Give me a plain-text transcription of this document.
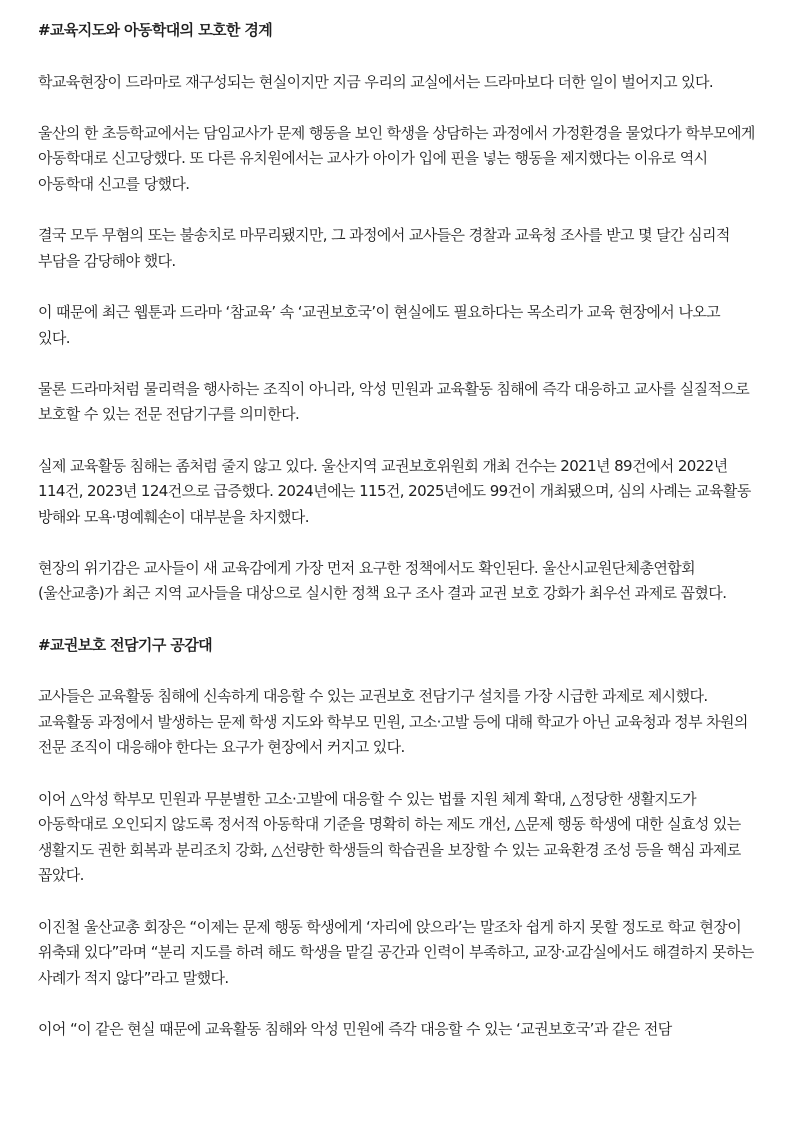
#교육지도와 아동학대의 모호한 경계

학교육현장이 드라마로 재구성되는 현실이지만 지금 우리의 교실에서는 드라마보다 더한 일이 벌어지고 있다.

울산의 한 초등학교에서는 담임교사가 문제 행동을 보인 학생을 상담하는 과정에서 가정환경을 물었다가 학부모에게 아동학대로 신고당했다. 또 다른 유치원에서는 교사가 아이가 입에 핀을 넣는 행동을 제지했다는 이유로 역시 아동학대 신고를 당했다.

결국 모두 무혐의 또는 불송치로 마무리됐지만, 그 과정에서 교사들은 경찰과 교육청 조사를 받고 몇 달간 심리적 부담을 감당해야 했다.

이 때문에 최근 웹툰과 드라마 ‘참교육’ 속 ‘교권보호국’이 현실에도 필요하다는 목소리가 교육 현장에서 나오고 있다.

물론 드라마처럼 물리력을 행사하는 조직이 아니라, 악성 민원과 교육활동 침해에 즉각 대응하고 교사를 실질적으로 보호할 수 있는 전문 전담기구를 의미한다.

실제 교육활동 침해는 좀처럼 줄지 않고 있다. 울산지역 교권보호위원회 개최 건수는 2021년 89건에서 2022년 114건, 2023년 124건으로 급증했다. 2024년에는 115건, 2025년에도 99건이 개최됐으며, 심의 사례는 교육활동 방해와 모욕·명예훼손이 대부분을 차지했다.

현장의 위기감은 교사들이 새 교육감에게 가장 먼저 요구한 정책에서도 확인된다. 울산시교원단체총연합회(울산교총)가 최근 지역 교사들을 대상으로 실시한 정책 요구 조사 결과 교권 보호 강화가 최우선 과제로 꼽혔다.

#교권보호 전담기구 공감대

교사들은 교육활동 침해에 신속하게 대응할 수 있는 교권보호 전담기구 설치를 가장 시급한 과제로 제시했다. 교육활동 과정에서 발생하는 문제 학생 지도와 학부모 민원, 고소·고발 등에 대해 학교가 아닌 교육청과 정부 차원의 전문 조직이 대응해야 한다는 요구가 현장에서 커지고 있다.

이어 △악성 학부모 민원과 무분별한 고소·고발에 대응할 수 있는 법률 지원 체계 확대, △정당한 생활지도가 아동학대로 오인되지 않도록 정서적 아동학대 기준을 명확히 하는 제도 개선, △문제 행동 학생에 대한 실효성 있는 생활지도 권한 회복과 분리조치 강화, △선량한 학생들의 학습권을 보장할 수 있는 교육환경 조성 등을 핵심 과제로 꼽았다.

이진철 울산교총 회장은 “이제는 문제 행동 학생에게 ‘자리에 앉으라’는 말조차 쉽게 하지 못할 정도로 학교 현장이 위축돼 있다”라며 “분리 지도를 하려 해도 학생을 맡길 공간과 인력이 부족하고, 교장·교감실에서도 해결하지 못하는 사례가 적지 않다”라고 말했다.

이어 “이 같은 현실 때문에 교육활동 침해와 악성 민원에 즉각 대응할 수 있는 ‘교권보호국’과 같은 전담
